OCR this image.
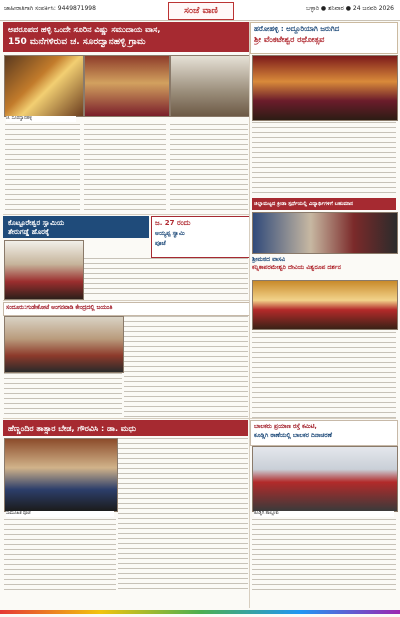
ಜಾಹೀರಾತಿಗಾಗಿ ಸಂಪರ್ಕಿಸಿ: 9449871998	ಸಂಜೆ ವಾಣಿ	ಬಳ್ಳಾರಿ ● ಶನಿವಾರ ● 24 ಜನವರಿ 2026
ಅಪರೂಪದ ಹಳ್ಳಿ ಒಂದೇ ಸೂರಿನ ವಿಷ್ಣು ಸಮುದಾಯ ವಾಸ,
150 ಮನೆಗಳಿರುವ ಚ. ಸೂರದ್ವಾನಹಳ್ಳಿ ಗ್ರಾಮ
ಹರೋಹಳ್ಳಿ : ಅದ್ದೂರಿಯಾಗಿ ಜರುಗಿದ
ಶ್ರೀ ವೆಂಕಟೇಶ್ವರ ರಥೋತ್ಸವ
ಚ. ಸೂರದ್ವಾನಹಳ್ಳಿ
ಜಿಲ್ಲಾಮಟ್ಟದ ಕ್ರೀಡಾ ಸ್ಪರ್ಧೆಯಲ್ಲಿ ವಿದ್ಯಾರ್ಥಿಗಳಿಗೆ ಬಹುಮಾನ
ಕೊಟ್ಟೂರೇಶ್ವರ ಸ್ವಾಮಿಯ
ತೇರುಗಡ್ಡೆ ಹೊರಕ್ಕೆ
ಜ. 27 ರಂದು
ಅಯ್ಯಪ್ಪ ಸ್ವಾಮಿ
ಪೂಜೆ
ಶ್ರೀಮಠದ ವಾಸವಿ
ಕನ್ನಿಕಾಪರಮೇಶ್ವರಿ ದೇವಿಯ ವಿಶ್ವರೂಪ ದರ್ಶನ
ಸಂದೂರು:ಗುಡೇಕೋಟೆ ಅಂಗನವಾಡಿ ಕೇಂದ್ರದಲ್ಲಿ ಜಯಂತಿ
ಹೆಣ್ಣಂದಿರ ತಾತ್ಸಾರ ಬೇಡ, ಗೌರವಿಸಿ : ಡಾ. ಮಧು
ಸಾಮೂಹಿಕ ಪೂಜೆ
ಬಾಲಕರು ಪ್ರಯಾಣ ರಸ್ತೆ ಕಮಿಟಿ,
ಕೂಡ್ಲಿಗಿ ಠಾಣೆಯಲ್ಲಿ ಬಾಲಕರ ದಿನಾಚರಣೆ
ಕೂಡ್ಲಿಗಿ ತಾಲ್ಲೂಕು
